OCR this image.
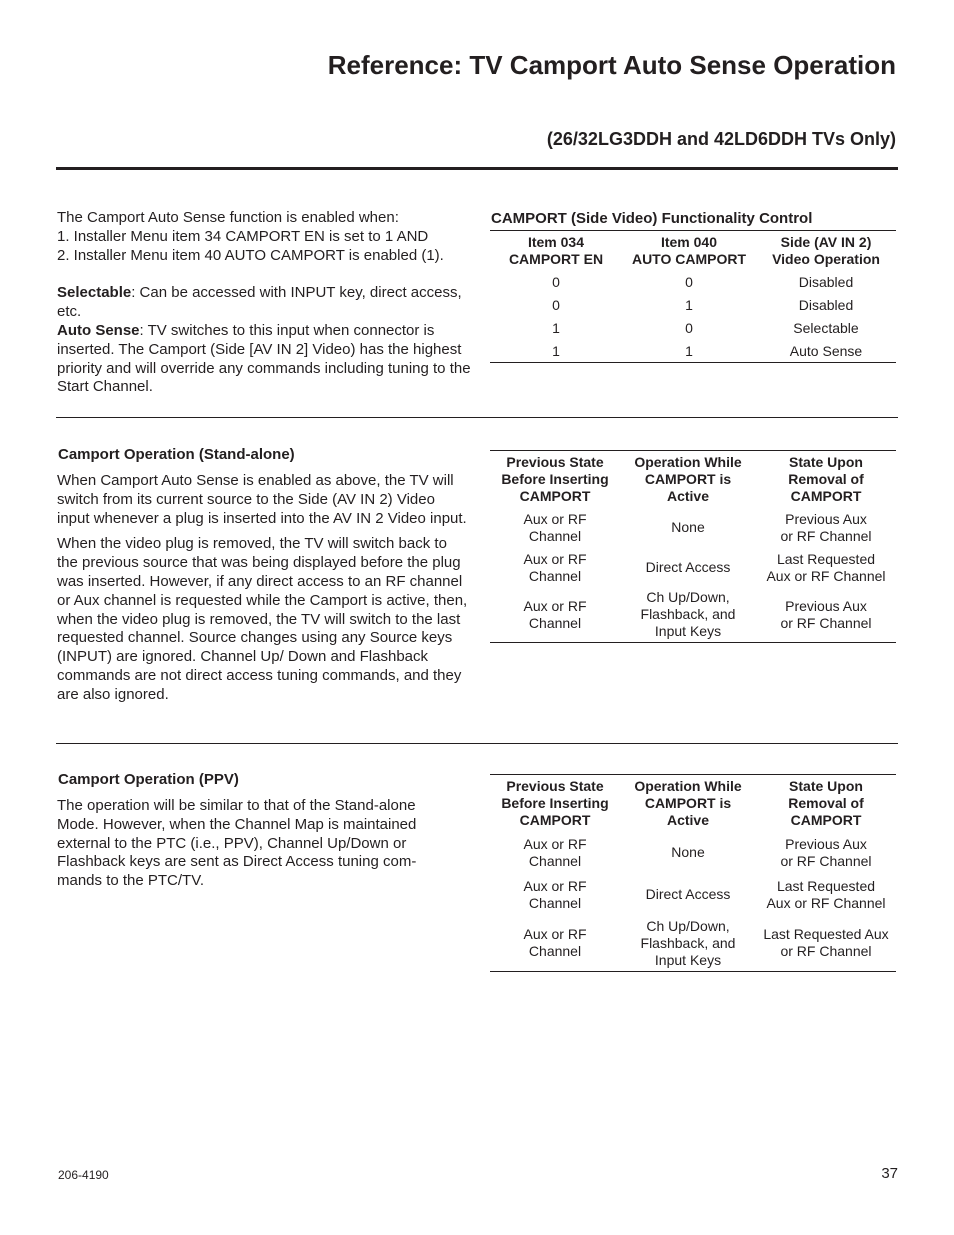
Reference: TV Camport Auto Sense Operation
(26/32LG3DDH and 42LD6DDH TVs Only)

The Camport Auto Sense function is enabled when:

1. Installer Menu item 34 CAMPORT EN is set to 1 AND

2. Installer Menu item 40 AUTO CAMPORT is enabled (1).

Selectable: Can be accessed with INPUT key, direct access, etc.

Auto Sense: TV switches to this input when connector is inserted. The Camport (Side [AV IN 2] Video) has the highest priority and will override any commands including tuning to the Start Channel.

CAMPORT (Side Video) Functionality Control
Item 034
CAMPORT EN	Item 040
AUTO CAMPORT	Side (AV IN 2)
Video Operation
0	0	Disabled
0	1	Disabled
1	0	Selectable
1	1	Auto Sense
Camport Operation (Stand-alone)

When Camport Auto Sense is enabled as above, the TV will switch from its current source to the Side (AV IN 2) Video input whenever a plug is inserted into the AV IN 2 Video input.

When the video plug is removed, the TV will switch back to the previous source that was being displayed before the plug was inserted. However, if any direct access to an RF channel or Aux channel is requested while the Camport is active, then, when the video plug is removed, the TV will switch to the last requested channel. Source changes using any Source keys (INPUT) are ignored. Channel Up/ Down and Flashback commands are not direct access tuning commands, and they are also ignored.

Previous State
Before Inserting
CAMPORT	Operation While
CAMPORT is
Active	State Upon
Removal of
CAMPORT
Aux or RF
Channel	None	Previous Aux
or RF Channel
Aux or RF
Channel	Direct Access	Last Requested
Aux or RF Channel
Aux or RF
Channel	Ch Up/Down,
Flashback, and
Input Keys	Previous Aux
or RF Channel
Camport Operation (PPV)

The operation will be similar to that of the Stand-alone Mode. However, when the Channel Map is maintained external to the PTC (i.e., PPV), Channel Up/Down or Flashback keys are sent as Direct Access tuning com- mands to the PTC/TV.

Previous State
Before Inserting
CAMPORT	Operation While
CAMPORT is
Active	State Upon
Removal of
CAMPORT
Aux or RF
Channel	None	Previous Aux
or RF Channel
Aux or RF
Channel	Direct Access	Last Requested
Aux or RF Channel
Aux or RF
Channel	Ch Up/Down,
Flashback, and
Input Keys	Last Requested Aux
or RF Channel
206-4190	37
